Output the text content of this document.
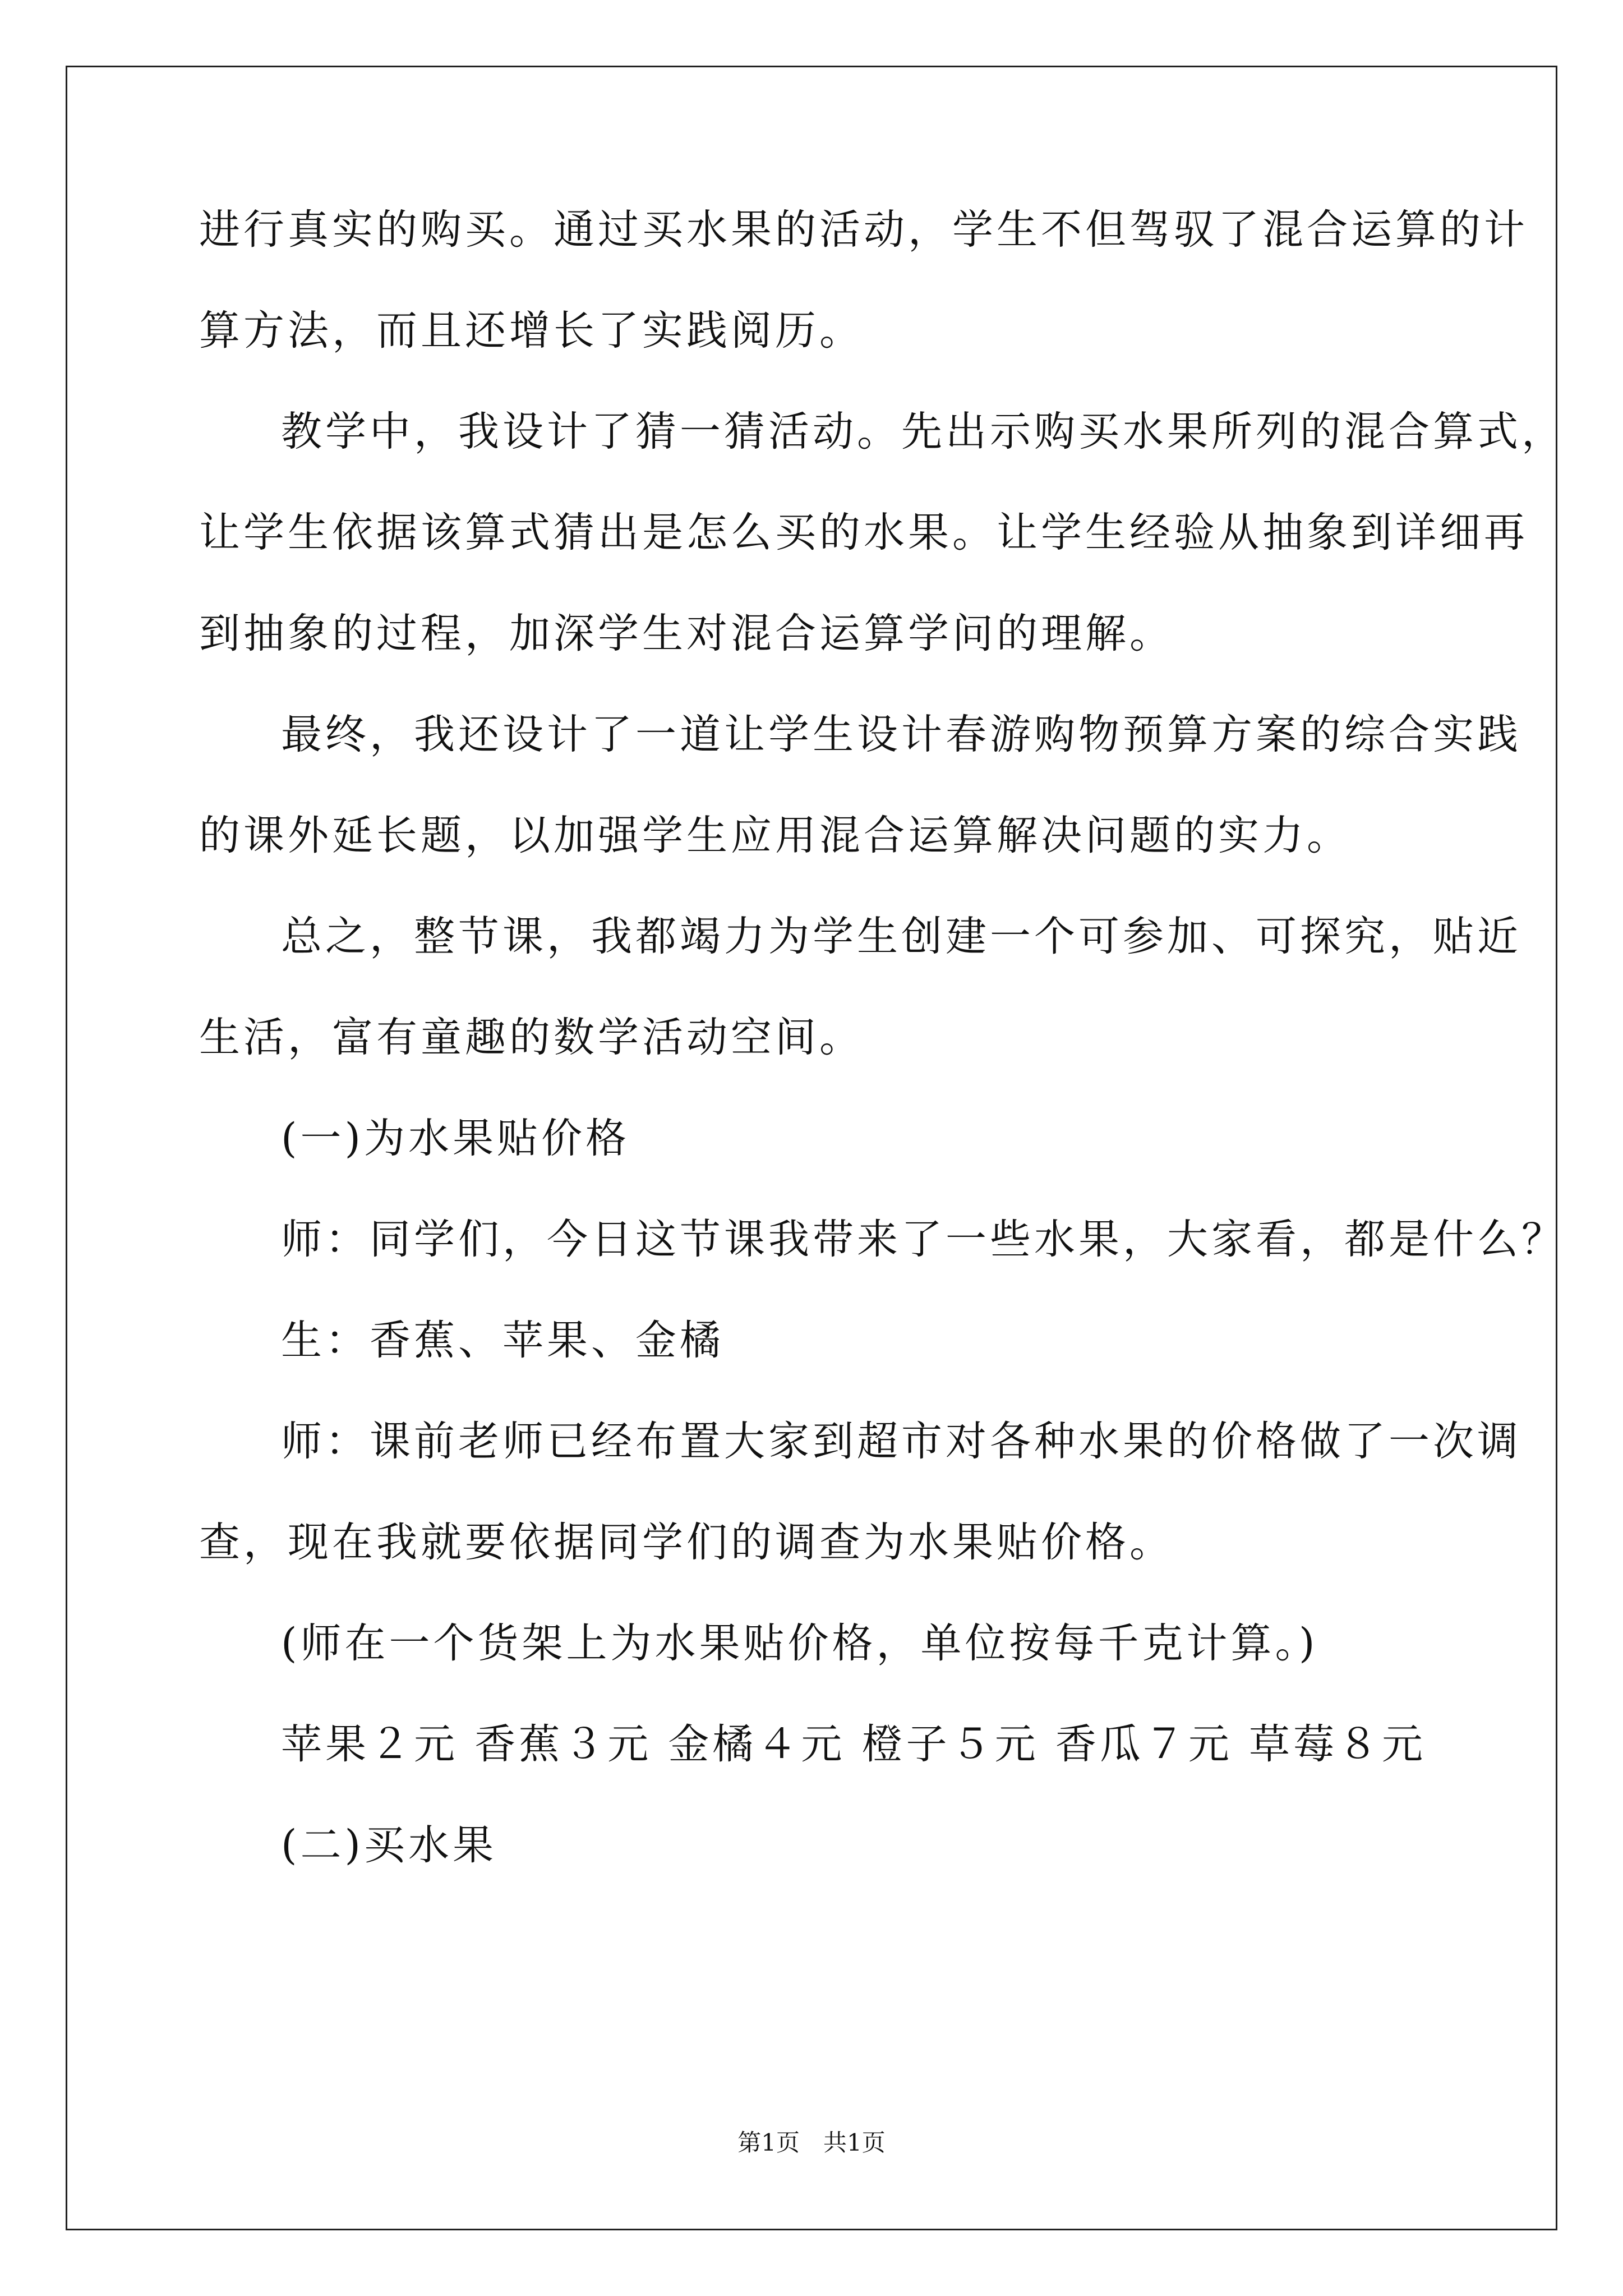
进行真实的购买。通过买水果的活动，学生不但驾驭了混合运算的计
算方法，而且还增长了实践阅历。
教学中，我设计了猜一猜活动。先出示购买水果所列的混合算式，
让学生依据该算式猜出是怎么买的水果。让学生经验从抽象到详细再
到抽象的过程，加深学生对混合运算学问的理解。
最终，我还设计了一道让学生设计春游购物预算方案的综合实践
的课外延长题，以加强学生应用混合运算解决问题的实力。
总之，整节课，我都竭力为学生创建一个可参加、可探究，贴近
生活，富有童趣的数学活动空间。
(一)为水果贴价格
师：同学们，今日这节课我带来了一些水果，大家看，都是什么？
生：香蕉、苹果、金橘
师：课前老师已经布置大家到超市对各种水果的价格做了一次调
查，现在我就要依据同学们的调查为水果贴价格。
(师在一个货架上为水果贴价格，单位按每千克计算。)
苹果２元 香蕉３元 金橘４元 橙子５元 香瓜７元 草莓８元
(二)买水果
第1页　共1页
